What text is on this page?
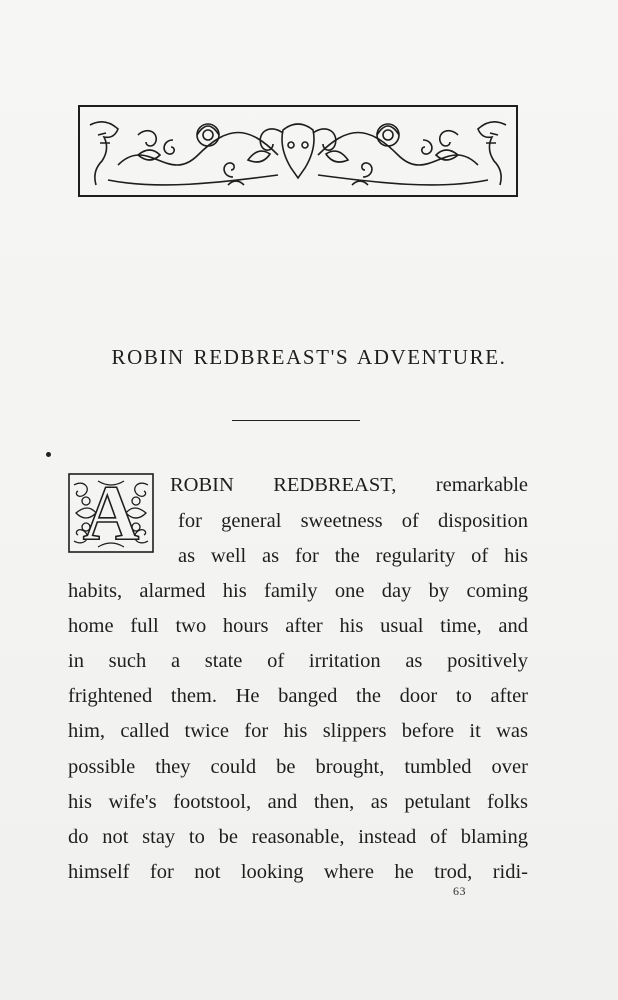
ROBIN REDBREAST'S ADVENTURE.
A	ROBIN REDBREAST, remarkable
for general sweetness of disposition
as well as for the regularity of his
habits, alarmed his family one day by coming
home full two hours after his usual time, and
in such a state of irritation as positively
frightened them. He banged the door to after
him, called twice for his slippers before it was
possible they could be brought, tumbled over
his wife's footstool, and then, as petulant folks
do not stay to be reasonable, instead of blaming
himself for not looking where he trod, ridi-
63
